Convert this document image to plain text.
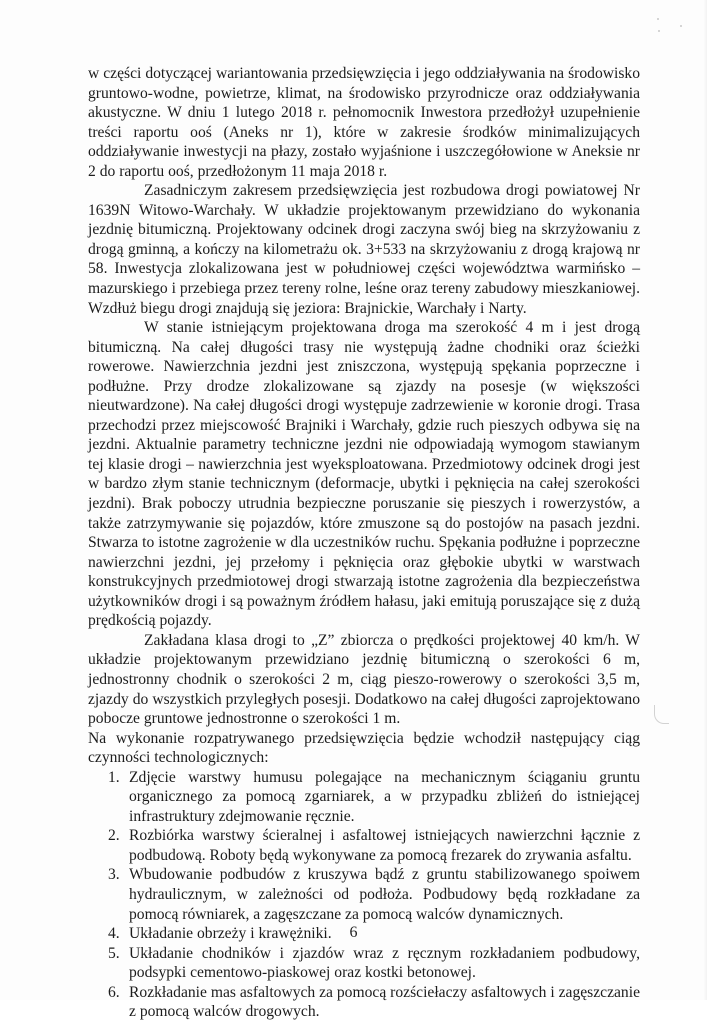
w części dotyczącej wariantowania przedsięwzięcia i jego oddziaływania na środowisko gruntowo-wodne, powietrze, klimat, na środowisko przyrodnicze oraz oddziaływania akustyczne. W dniu 1 lutego 2018 r. pełnomocnik Inwestora przedłożył uzupełnienie treści raportu ooś (Aneks nr 1), które w zakresie środków minimalizujących oddziaływanie inwestycji na płazy, zostało wyjaśnione i uszczegółowione w Aneksie nr 2 do raportu ooś, przedłożonym 11 maja 2018 r.

Zasadniczym zakresem przedsięwzięcia jest rozbudowa drogi powiatowej Nr 1639N Witowo-Warchały. W układzie projektowanym przewidziano do wykonania jezdnię bitumiczną. Projektowany odcinek drogi zaczyna swój bieg na skrzyżowaniu z drogą gminną, a kończy na kilometrażu ok. 3+533 na skrzyżowaniu z drogą krajową nr 58. Inwestycja zlokalizowana jest w południowej części województwa warmińsko – mazurskiego i przebiega przez tereny rolne, leśne oraz tereny zabudowy mieszkaniowej. Wzdłuż biegu drogi znajdują się jeziora: Brajnickie, Warchały i Narty.

W stanie istniejącym projektowana droga ma szerokość 4 m i jest drogą bitumiczną. Na całej długości trasy nie występują żadne chodniki oraz ścieżki rowerowe. Nawierzchnia jezdni jest zniszczona, występują spękania poprzeczne i podłużne. Przy drodze zlokalizowane są zjazdy na posesje (w większości nieutwardzone). Na całej długości drogi występuje zadrzewienie w koronie drogi. Trasa przechodzi przez miejscowość Brajniki i Warchały, gdzie ruch pieszych odbywa się na jezdni. Aktualnie parametry techniczne jezdni nie odpowiadają wymogom stawianym tej klasie drogi – nawierzchnia jest wyeksploatowana. Przedmiotowy odcinek drogi jest w bardzo złym stanie technicznym (deformacje, ubytki i pęknięcia na całej szerokości jezdni). Brak poboczy utrudnia bezpieczne poruszanie się pieszych i rowerzystów, a także zatrzymywanie się pojazdów, które zmuszone są do postojów na pasach jezdni. Stwarza to istotne zagrożenie w dla uczestników ruchu. Spękania podłużne i poprzeczne nawierzchni jezdni, jej przełomy i pęknięcia oraz głębokie ubytki w warstwach konstrukcyjnych przedmiotowej drogi stwarzają istotne zagrożenia dla bezpieczeństwa użytkowników drogi i są poważnym źródłem hałasu, jaki emitują poruszające się z dużą prędkością pojazdy.

Zakładana klasa drogi to „Z” zbiorcza o prędkości projektowej 40 km/h. W układzie projektowanym przewidziano jezdnię bitumiczną o szerokości 6 m, jednostronny chodnik o szerokości 2 m, ciąg pieszo-rowerowy o szerokości 3,5 m, zjazdy do wszystkich przyległych posesji. Dodatkowo na całej długości zaprojektowano pobocze gruntowe jednostronne o szerokości 1 m.

Na wykonanie rozpatrywanego przedsięwzięcia będzie wchodził następujący ciąg czynności technologicznych:

1. Zdjęcie warstwy humusu polegające na mechanicznym ściąganiu gruntu organicznego za pomocą zgarniarek, a w przypadku zbliżeń do istniejącej infrastruktury zdejmowanie ręcznie.
2. Rozbiórka warstwy ścieralnej i asfaltowej istniejących nawierzchni łącznie z podbudową. Roboty będą wykonywane za pomocą frezarek do zrywania asfaltu.
3. Wbudowanie podbudów z kruszywa bądź z gruntu stabilizowanego spoiwem hydraulicznym, w zależności od podłoża. Podbudowy będą rozkładane za pomocą równiarek, a zagęszczane za pomocą walców dynamicznych.
4. Układanie obrzeży i krawężniki.
5. Układanie chodników i zjazdów wraz z ręcznym rozkładaniem podbudowy, podsypki cementowo-piaskowej oraz kostki betonowej.
6. Rozkładanie mas asfaltowych za pomocą rozściełaczy asfaltowych i zagęszczanie z pomocą walców drogowych.
6
